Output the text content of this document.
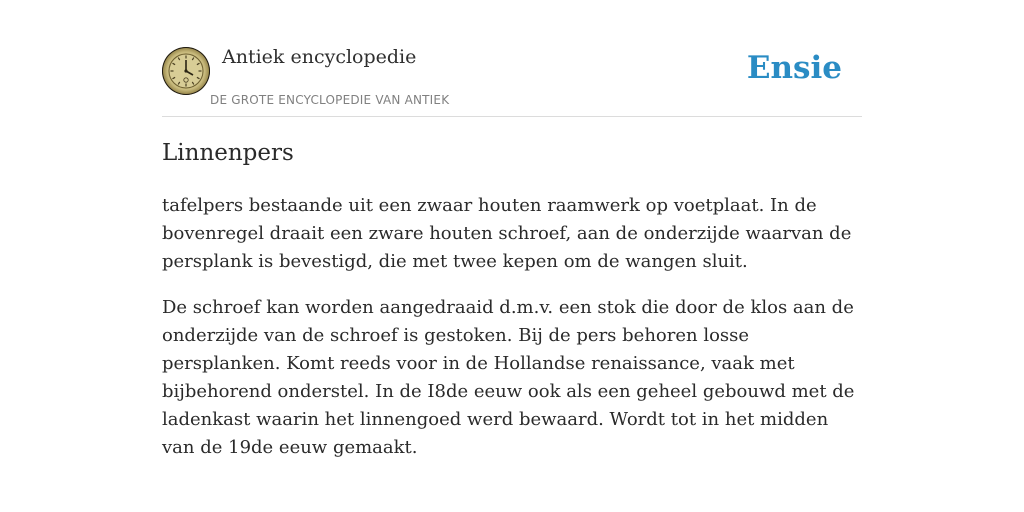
Antiek encyclopedie
DE GROTE ENCYCLOPEDIE VAN ANTIEK
Ensie
Linnenpers

tafelpers bestaande uit een zwaar houten raamwerk op voetplaat. In de bovenregel draait een zware houten schroef, aan de onderzijde waarvan de persplank is bevestigd, die met twee kepen om de wangen sluit.

De schroef kan worden aangedraaid d.m.v. een stok die door de klos aan de onderzijde van de schroef is gestoken. Bij de pers behoren losse persplanken. Komt reeds voor in de Hollandse renaissance, vaak met bijbehorend onderstel. In de I8de eeuw ook als een geheel gebouwd met de ladenkast waarin het linnengoed werd bewaard. Wordt tot in het midden van de 19de eeuw gemaakt.
